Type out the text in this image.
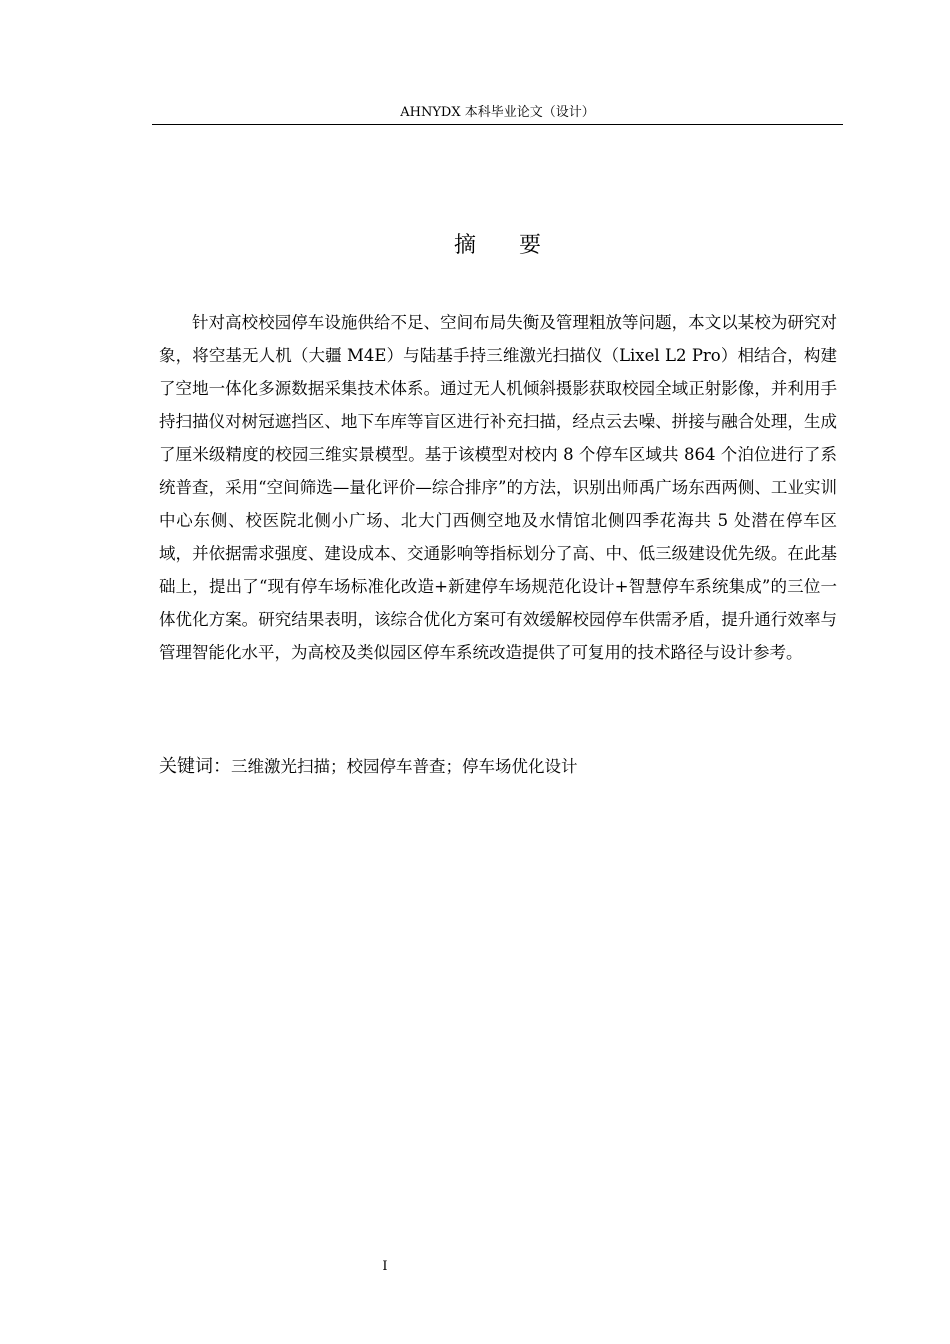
AHNYDX 本科毕业论文（设计）
摘 要

针对高校校园停车设施供给不足、空间布局失衡及管理粗放等问题，本文以某校为研究对象，将空基无人机（大疆 M4E）与陆基手持三维激光扫描仪（Lixel L2 Pro）相结合，构建了空地一体化多源数据采集技术体系。通过无人机倾斜摄影获取校园全域正射影像，并利用手持扫描仪对树冠遮挡区、地下车库等盲区进行补充扫描，经点云去噪、拼接与融合处理，生成了厘米级精度的校园三维实景模型。基于该模型对校内 8 个停车区域共 864 个泊位进行了系统普查，采用“空间筛选—量化评价—综合排序”的方法，识别出师禹广场东西两侧、工业实训中心东侧、校医院北侧小广场、北大门西侧空地及水情馆北侧四季花海共 5 处潜在停车区域，并依据需求强度、建设成本、交通影响等指标划分了高、中、低三级建设优先级。在此基础上，提出了“现有停车场标准化改造+新建停车场规范化设计+智慧停车系统集成”的三位一体优化方案。研究结果表明，该综合优化方案可有效缓解校园停车供需矛盾，提升通行效率与管理智能化水平，为高校及类似园区停车系统改造提供了可复用的技术路径与设计参考。

关键词：三维激光扫描；校园停车普查；停车场优化设计
I
